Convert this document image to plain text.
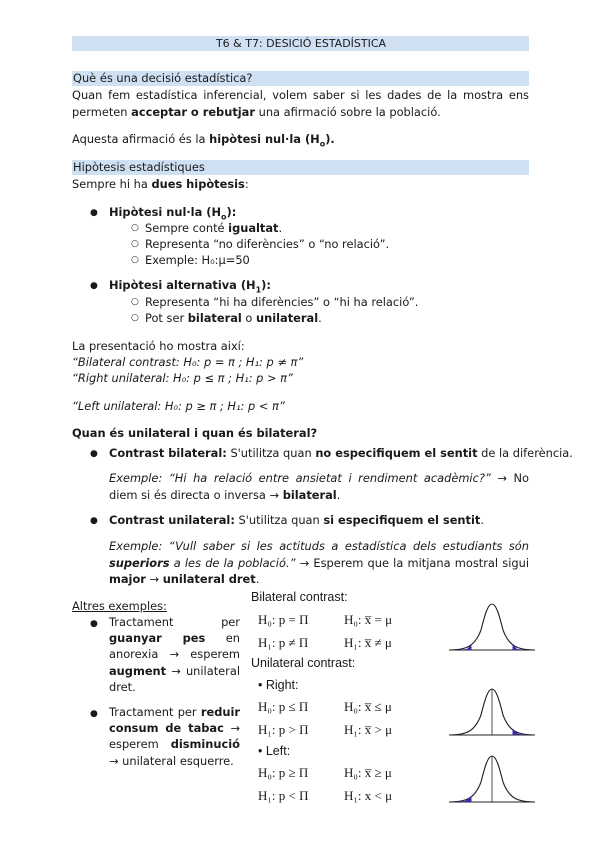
T6 & T7: DESICIÓ ESTADÍSTICA
Què és una decisió estadística?
Quan fem estadística inferencial, volem saber si les dades de la mostra ens permeten acceptar o rebutjar una afirmació sobre la població.
Aquesta afirmació és la hipòtesi nul·la $(H_o)$.
Hipòtesis estadístiques
Sempre hi ha dues hipòtesis:
● Hipòtesi nul·la $(H_o)$:
○ Sempre conté igualtat.
○ Representa “no diferències” o “no relació”.
○ Exemple: H₀:μ=50
● Hipòtesi alternativa $(H_1)$:
○ Representa “hi ha diferències” o “hi ha relació”.
○ Pot ser bilateral o unilateral.
La presentació ho mostra així:
“Bilateral contrast: H₀: p = π ; H₁: p ≠ π”
“Right unilateral: H₀: p ≤ π ; H₁: p > π”
“Left unilateral: H₀: p ≥ π ; H₁: p < π”
Quan és unilateral i quan és bilateral?
● Contrast bilateral: S'utilitza quan no especifiquem el sentit de la diferència.
Exemple: “Hi ha relació entre ansietat i rendiment acadèmic?” → No diem si és directa o inversa → bilateral.
● Contrast unilateral: S'utilitza quan si especifiquem el sentit.
Exemple: “Vull saber si les actituds a estadística dels estudiants són superiors a les de la població.” → Esperem que la mitjana mostral sigui major → unilateral dret.
Altres exemples:
● Tractament per guanyar pes en anorexia → esperem augment → unilateral dret.
● Tractament per reduir consum de tabac → esperem disminució → unilateral esquerre.
Bilateral contrast:
H₀: p = Π	H₀: x̅ = μ
H₁: p ≠ Π	H₁: x̅ ≠ μ
Unilateral contrast:
• Right:
H₀: p ≤ Π	H₀: x̅ ≤ μ
H₁: p > Π	H₁: x̅ > μ
• Left:
H₀: p ≥ Π	H₀: x̅ ≥ μ
H₁: p < Π	H₁: x < μ
